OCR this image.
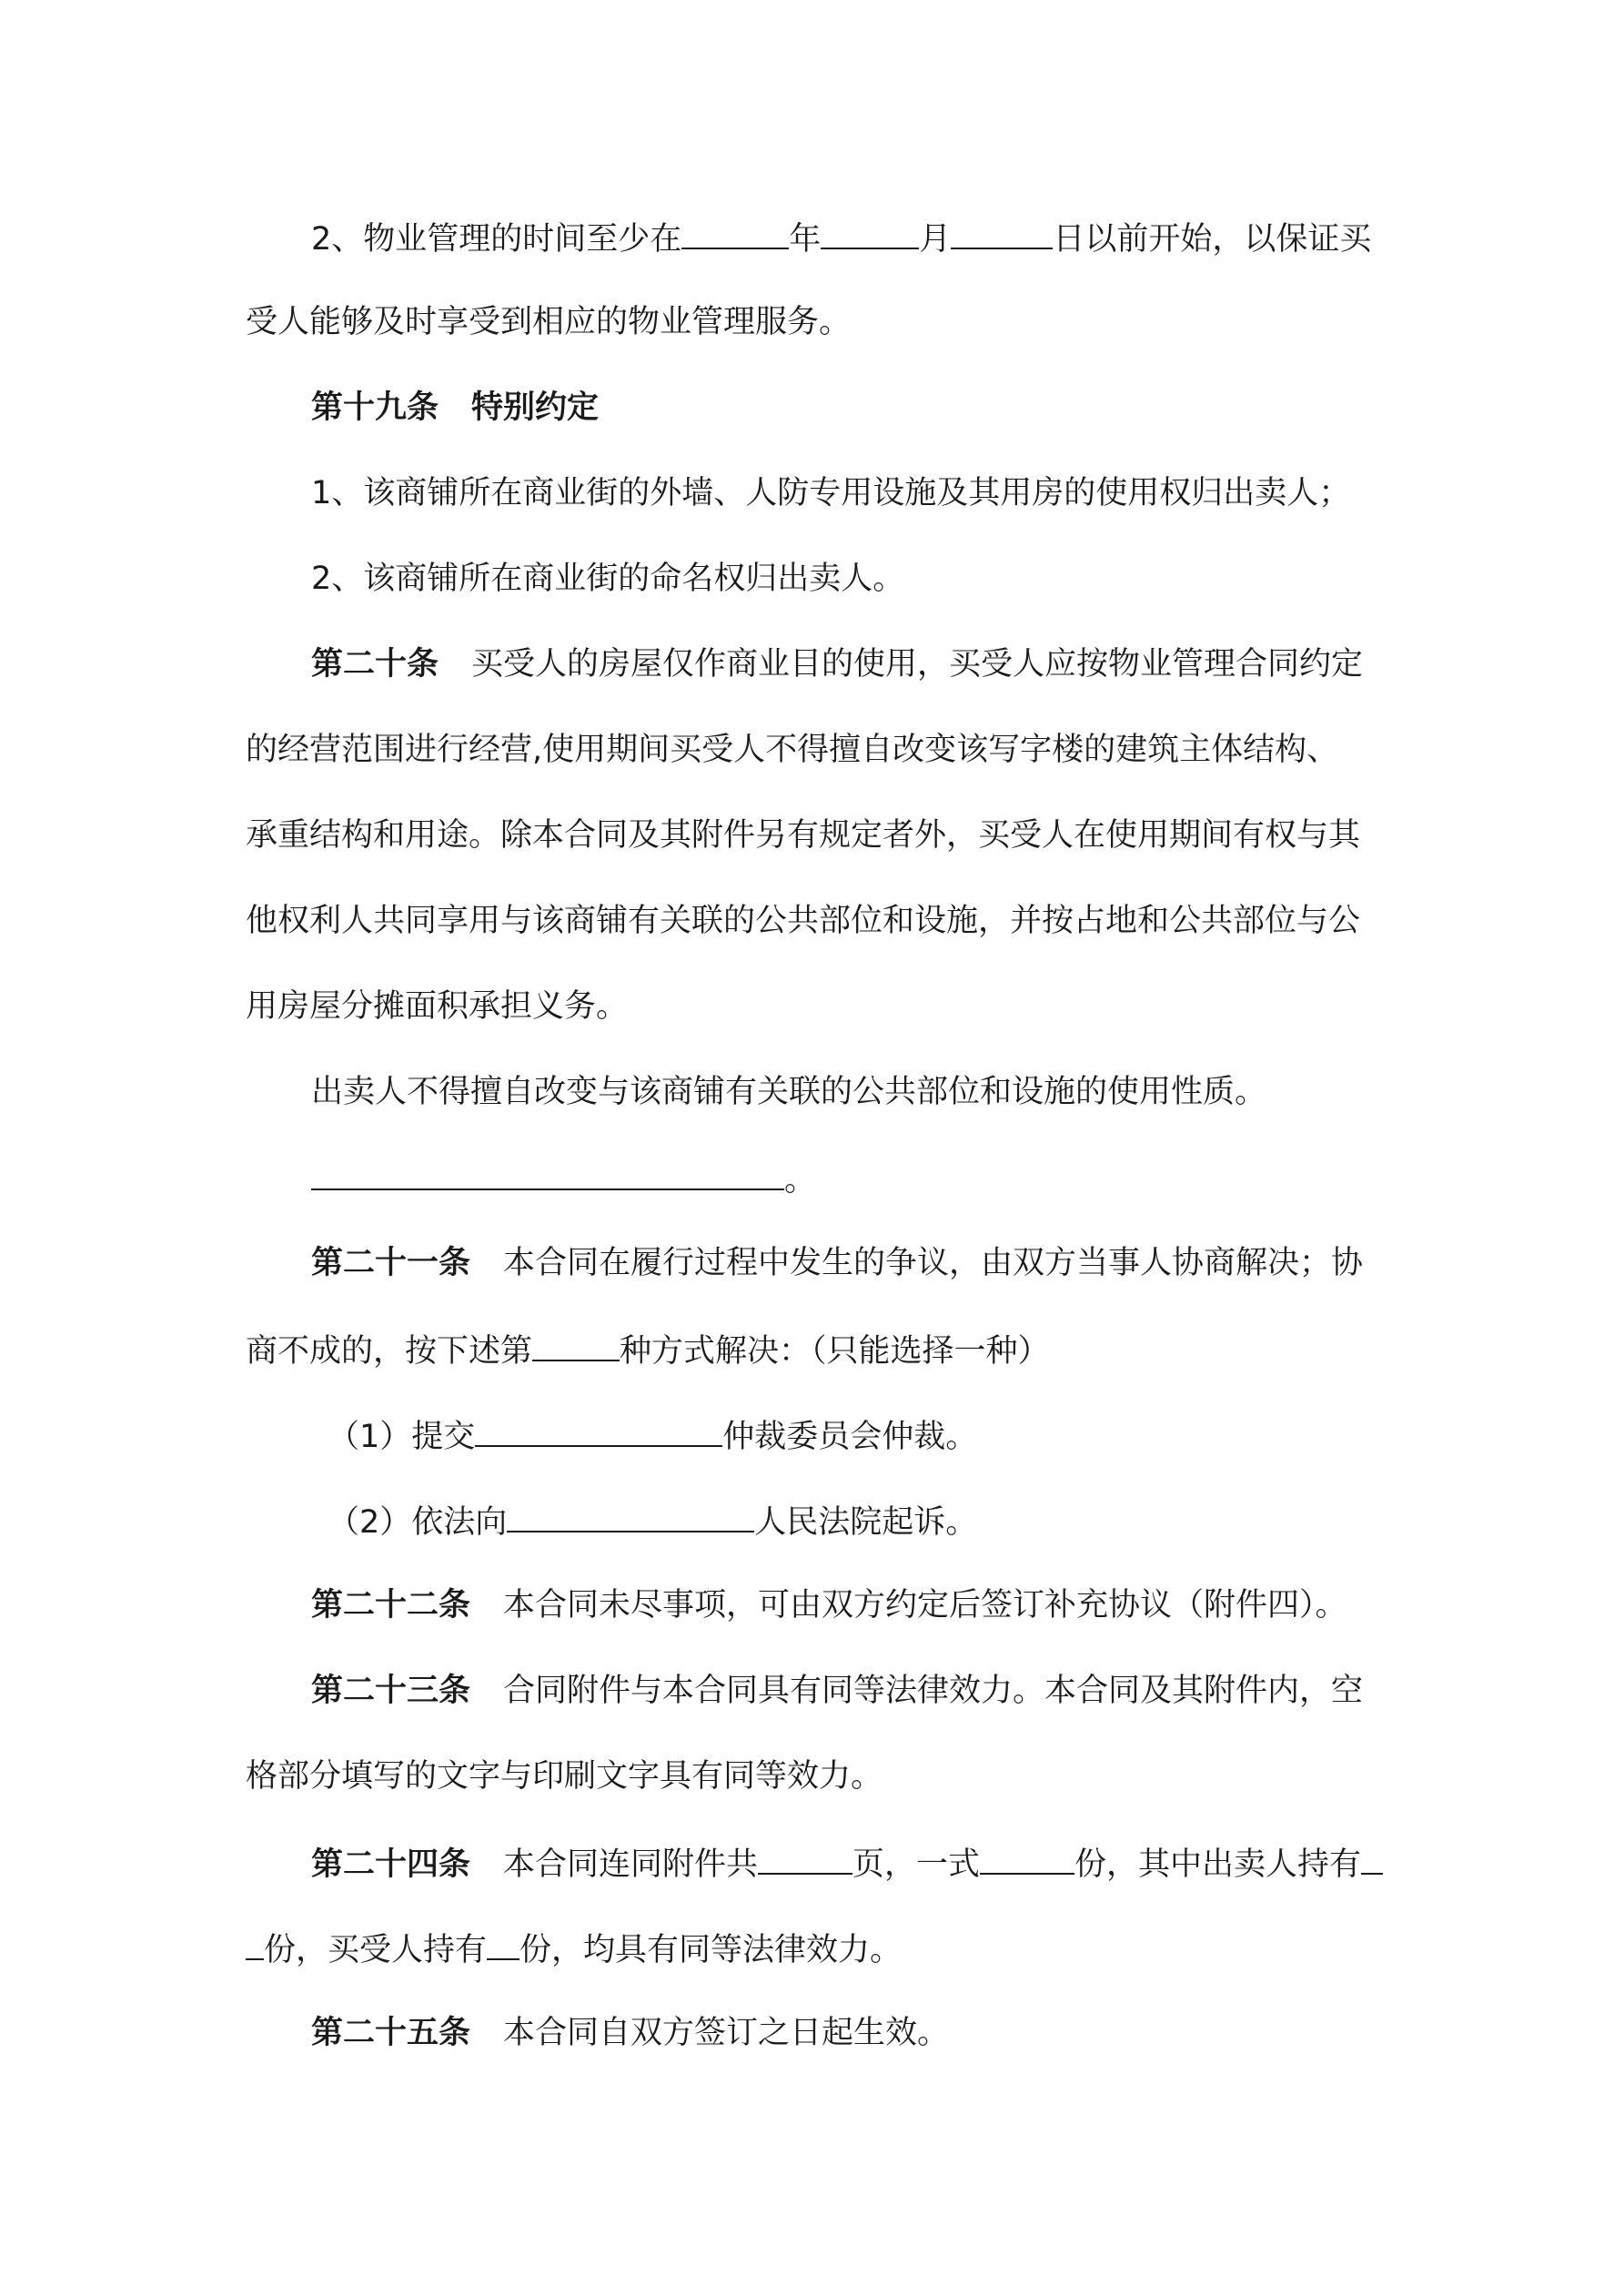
2、物业管理的时间至少在	年	月	日以前开始，以保证买
受人能够及时享受到相应的物业管理服务。
第十九条 特别约定
1、该商铺所在商业街的外墙、人防专用设施及其用房的使用权归出卖人；
2、该商铺所在商业街的命名权归出卖人。
第二十条 买受人的房屋仅作商业目的使用，买受人应按物业管理合同约定
的经营范围进行经营,使用期间买受人不得擅自改变该写字楼的建筑主体结构、
承重结构和用途。除本合同及其附件另有规定者外，买受人在使用期间有权与其
他权利人共同享用与该商铺有关联的公共部位和设施，并按占地和公共部位与公
用房屋分摊面积承担义务。
出卖人不得擅自改变与该商铺有关联的公共部位和设施的使用性质。
。
第二十一条 本合同在履行过程中发生的争议，由双方当事人协商解决；协
商不成的，按下述第	种方式解决：（只能选择一种）
（1）提交	仲裁委员会仲裁。
（2）依法向	人民法院起诉。
第二十二条 本合同未尽事项，可由双方约定后签订补充协议（附件四）。
第二十三条 合同附件与本合同具有同等法律效力。本合同及其附件内，空
格部分填写的文字与印刷文字具有同等效力。
第二十四条 本合同连同附件共	页，一式	份，其中出卖人持有
份，买受人持有 份，均具有同等法律效力。
第二十五条 本合同自双方签订之日起生效。
